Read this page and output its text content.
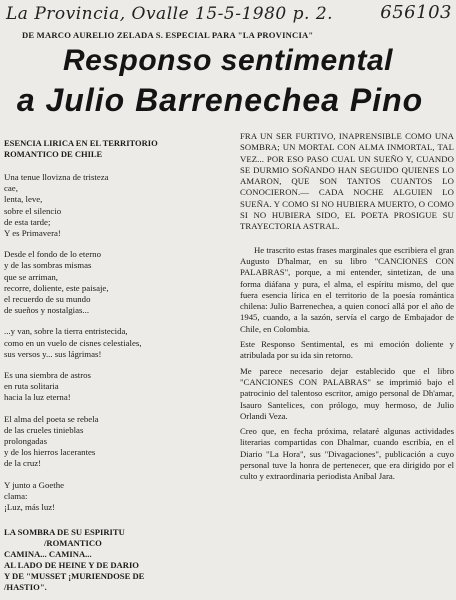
La Provincia, Ovalle 15-5-1980 p. 2.	656103
DE MARCO AURELIO ZELADA S. ESPECIAL PARA "LA PROVINCIA"
Responso sentimental
a Julio Barrenechea Pino
ESENCIA LIRICA EN EL TERRITORIO
ROMANTICO DE CHILE
Una tenue llovizna de tristeza
cae,
lenta, leve,
sobre el silencio
de esta tarde;
Y es Primavera!
Desde el fondo de lo eterno
y de las sombras mismas
que se arriman,
recorre, doliente, este paisaje,
el recuerdo de su mundo
de sueños y nostalgias...
...y van, sobre la tierra entristecida,
como en un vuelo de cisnes celestiales,
sus versos y... sus lágrimas!
Es una siembra de astros
en ruta solitaria
hacia la luz eterna!
El alma del poeta se rebela
de las crueles tinieblas
prolongadas
y de los hierros lacerantes
de la cruz!
Y junto a Goethe
clama:
¡Luz, más luz!
LA SOMBRA DE SU ESPIRITU
/ROMANTICO
CAMINA... CAMINA...
AL LADO DE HEINE Y DE DARIO
Y DE "MUSSET ¡MURIENDOSE DE
/HASTIO".

FRA UN SER FURTIVO, INAPRENSIBLE COMO UNA SOMBRA; UN MORTAL CON ALMA INMORTAL, TAL VEZ... POR ESO PASO CUAL UN SUEÑO Y, CUANDO SE DURMIO SOÑANDO HAN SEGUIDO QUIENES LO AMARON, QUE SON TANTOS CUANTOS LO CONOCIERON.— CADA NOCHE ALGUIEN LO SUEÑA. Y COMO SI NO HUBIERA MUERTO, O COMO SI NO HUBIERA SIDO, EL POETA PROSIGUE SU TRAYECTORIA ASTRAL.

He trascrito estas frases marginales que escribiera el gran Augusto D'halmar, en su libro "CANCIONES CON PALABRAS", porque, a mi entender, sintetizan, de una forma diáfana y pura, el alma, el espíritu mismo, del que fuera esencia lírica en el territorio de la poesía romántica chilena: Julio Barrenechea, a quien conocí allá por el año de 1945, cuando, a la sazón, servía el cargo de Embajador de Chile, en Colombia.

Este Responso Sentimental, es mi emoción doliente y atribulada por su ida sin retorno.

Me parece necesario dejar establecido que el libro "CANCIONES CON PALABRAS" se imprimió bajo el patrocinio del talentoso escritor, amigo personal de Dh'amar, Isauro Santelices, con prólogo, muy hermoso, de Julio Orlandi Veza.

Creo que, en fecha próxima, relataré algunas actividades literarias compartidas con Dhalmar, cuando escribía, en el Diario "La Hora", sus "Divagaciones", publicación a cuyo personal tuve la honra de pertenecer, que era dirigido por el culto y extraordinaria periodista Aníbal Jara.
